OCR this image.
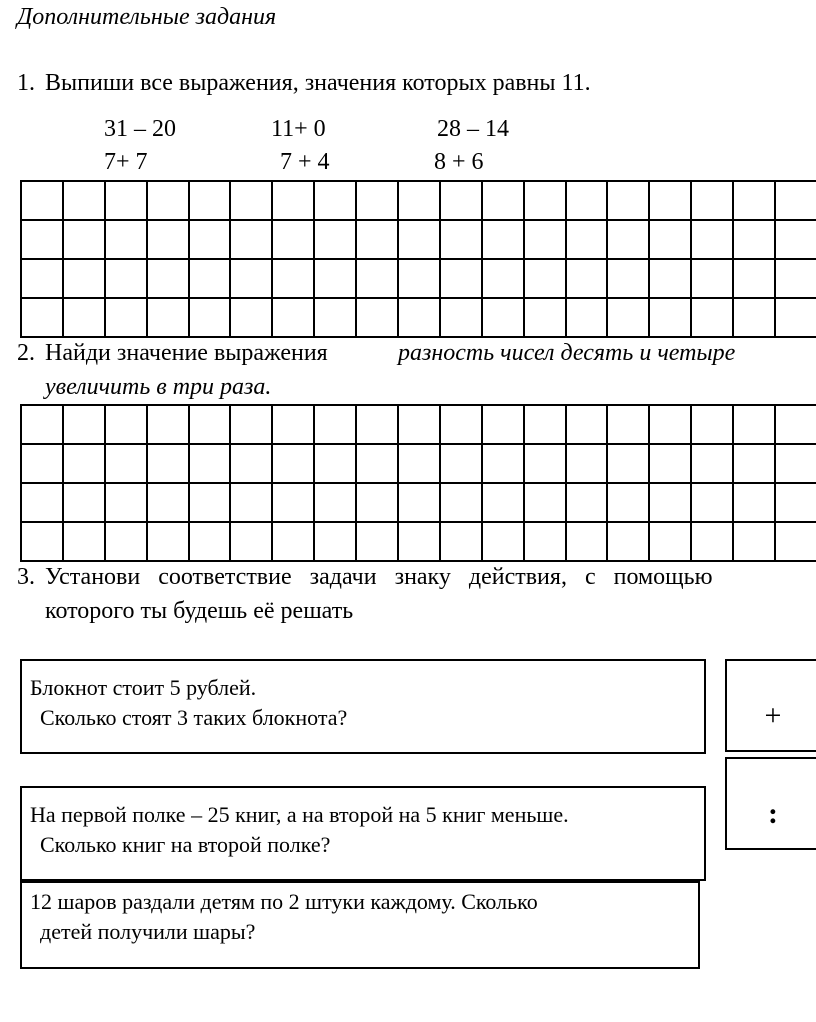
Дополнительные задания
1. Выпиши все выражения, значения которых равны 11.
31 – 20	11+ 0	28 – 14
7+ 7	7 + 4	8 + 6

2. Найди значение выражения	разность чисел десять и четыре
увеличить в три раза.

3. Установи   соответствие   задачи   знаку   действия,   с   помощью
которого ты будешь её решать
Блокнот стоит 5 рублей.
Сколько стоят 3 таких блокнота?
На первой полке – 25 книг, а на второй на 5 книг меньше.
Сколько книг на второй полке?
12 шаров раздали детям по 2 штуки каждому. Сколько
детей получили шары?
+
:
